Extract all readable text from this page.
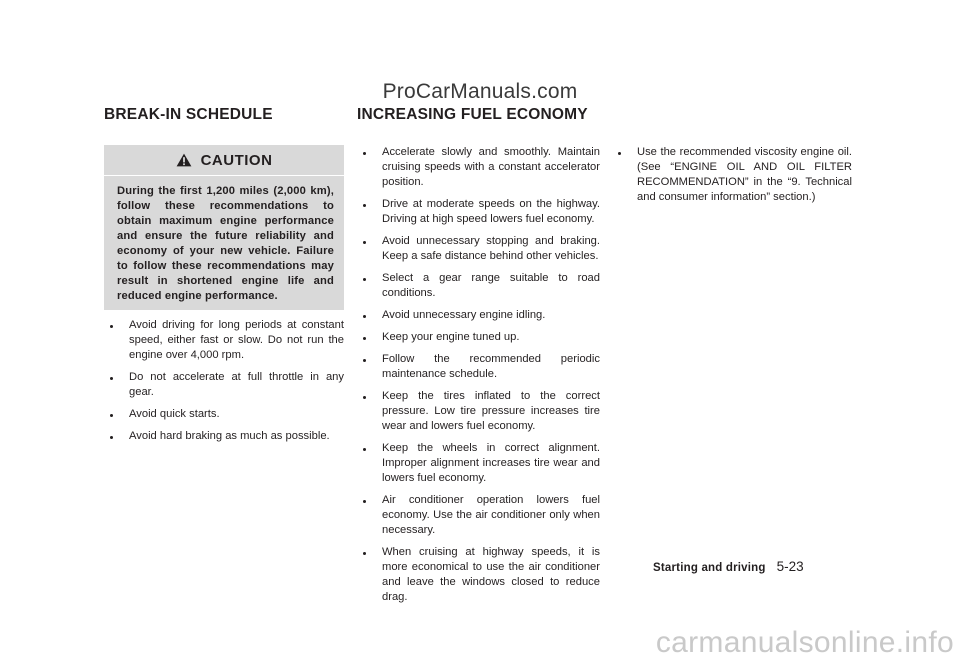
ProCarManuals.com
BREAK-IN SCHEDULE	INCREASING FUEL ECONOMY
CAUTION
During the first 1,200 miles (2,000 km), follow these recommendations to obtain maximum engine performance and ensure the future reliability and economy of your new vehicle. Failure to follow these recommendations may result in shortened engine life and reduced engine performance.
Avoid driving for long periods at constant speed, either fast or slow. Do not run the engine over 4,000 rpm.
Do not accelerate at full throttle in any gear.
Avoid quick starts.
Avoid hard braking as much as possible.
Accelerate slowly and smoothly. Maintain cruising speeds with a constant accelerator position.
Drive at moderate speeds on the highway. Driving at high speed lowers fuel economy.
Avoid unnecessary stopping and braking. Keep a safe distance behind other vehicles.
Select a gear range suitable to road conditions.
Avoid unnecessary engine idling.
Keep your engine tuned up.
Follow the recommended periodic maintenance schedule.
Keep the tires inflated to the correct pressure. Low tire pressure increases tire wear and lowers fuel economy.
Keep the wheels in correct alignment. Improper alignment increases tire wear and lowers fuel economy.
Air conditioner operation lowers fuel economy. Use the air conditioner only when necessary.
When cruising at highway speeds, it is more economical to use the air conditioner and leave the windows closed to reduce drag.
Use the recommended viscosity engine oil. (See “ENGINE OIL AND OIL FILTER RECOMMENDATION” in the “9. Technical and consumer information” section.)
Starting and driving 5-23
carmanualsonline.info
